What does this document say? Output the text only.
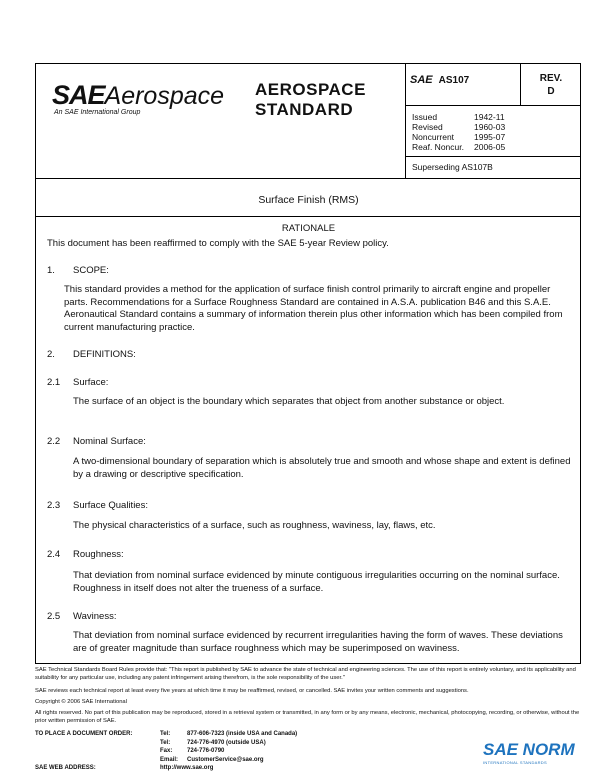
SAEAerospace
An SAE International Group
AEROSPACE
STANDARD
SAE AS107	REV.
D
Issued	1942-11
Revised	1960-03
Noncurrent	1995-07
Reaf. Noncur.	2006-05
Superseding AS107B
Surface Finish (RMS)
RATIONALE
This document has been reaffirmed to comply with the SAE 5-year Review policy.
1. SCOPE:
This standard provides a method for the application of surface finish control primarily to aircraft engine and propeller parts. Recommendations for a Surface Roughness Standard are contained in A.S.A. publication B46 and this S.A.E. Aeronautical Standard contains a summary of information therein plus other information which has been compiled from current manufacturing practice.
2. DEFINITIONS:
2.1 Surface:
The surface of an object is the boundary which separates that object from another substance or object.
2.2 Nominal Surface:
A two-dimensional boundary of separation which is absolutely true and smooth and whose shape and extent is defined by a drawing or descriptive specification.
2.3 Surface Qualities:
The physical characteristics of a surface, such as roughness, waviness, lay, flaws, etc.
2.4 Roughness:
That deviation from nominal surface evidenced by minute contiguous irregularities occurring on the nominal surface. Roughness in itself does not alter the trueness of a surface.
2.5 Waviness:
That deviation from nominal surface evidenced by recurrent irregularities having the form of waves. These deviations are of greater magnitude than surface roughness which may be superimposed on waviness.
SAE Technical Standards Board Rules provide that: "This report is published by SAE to advance the state of technical and engineering sciences. The use of this report is entirely voluntary, and its applicability and suitability for any particular use, including any patent infringement arising therefrom, is the sole responsibility of the user."
SAE reviews each technical report at least every five years at which time it may be reaffirmed, revised, or cancelled. SAE invites your written comments and suggestions.
Copyright © 2006 SAE International
All rights reserved. No part of this publication may be reproduced, stored in a retrieval system or transmitted, in any form or by any means, electronic, mechanical, photocopying, recording, or otherwise, without the prior written permission of SAE.
TO PLACE A DOCUMENT ORDER:	Tel:	877-606-7323 (inside USA and Canada)
Tel:	724-776-4970 (outside USA)
Fax: 724-776-0790
Email: CustomerService@sae.org
SAE WEB ADDRESS:	http://www.sae.org
SAE NORM
INTERNATIONAL STANDARDS
